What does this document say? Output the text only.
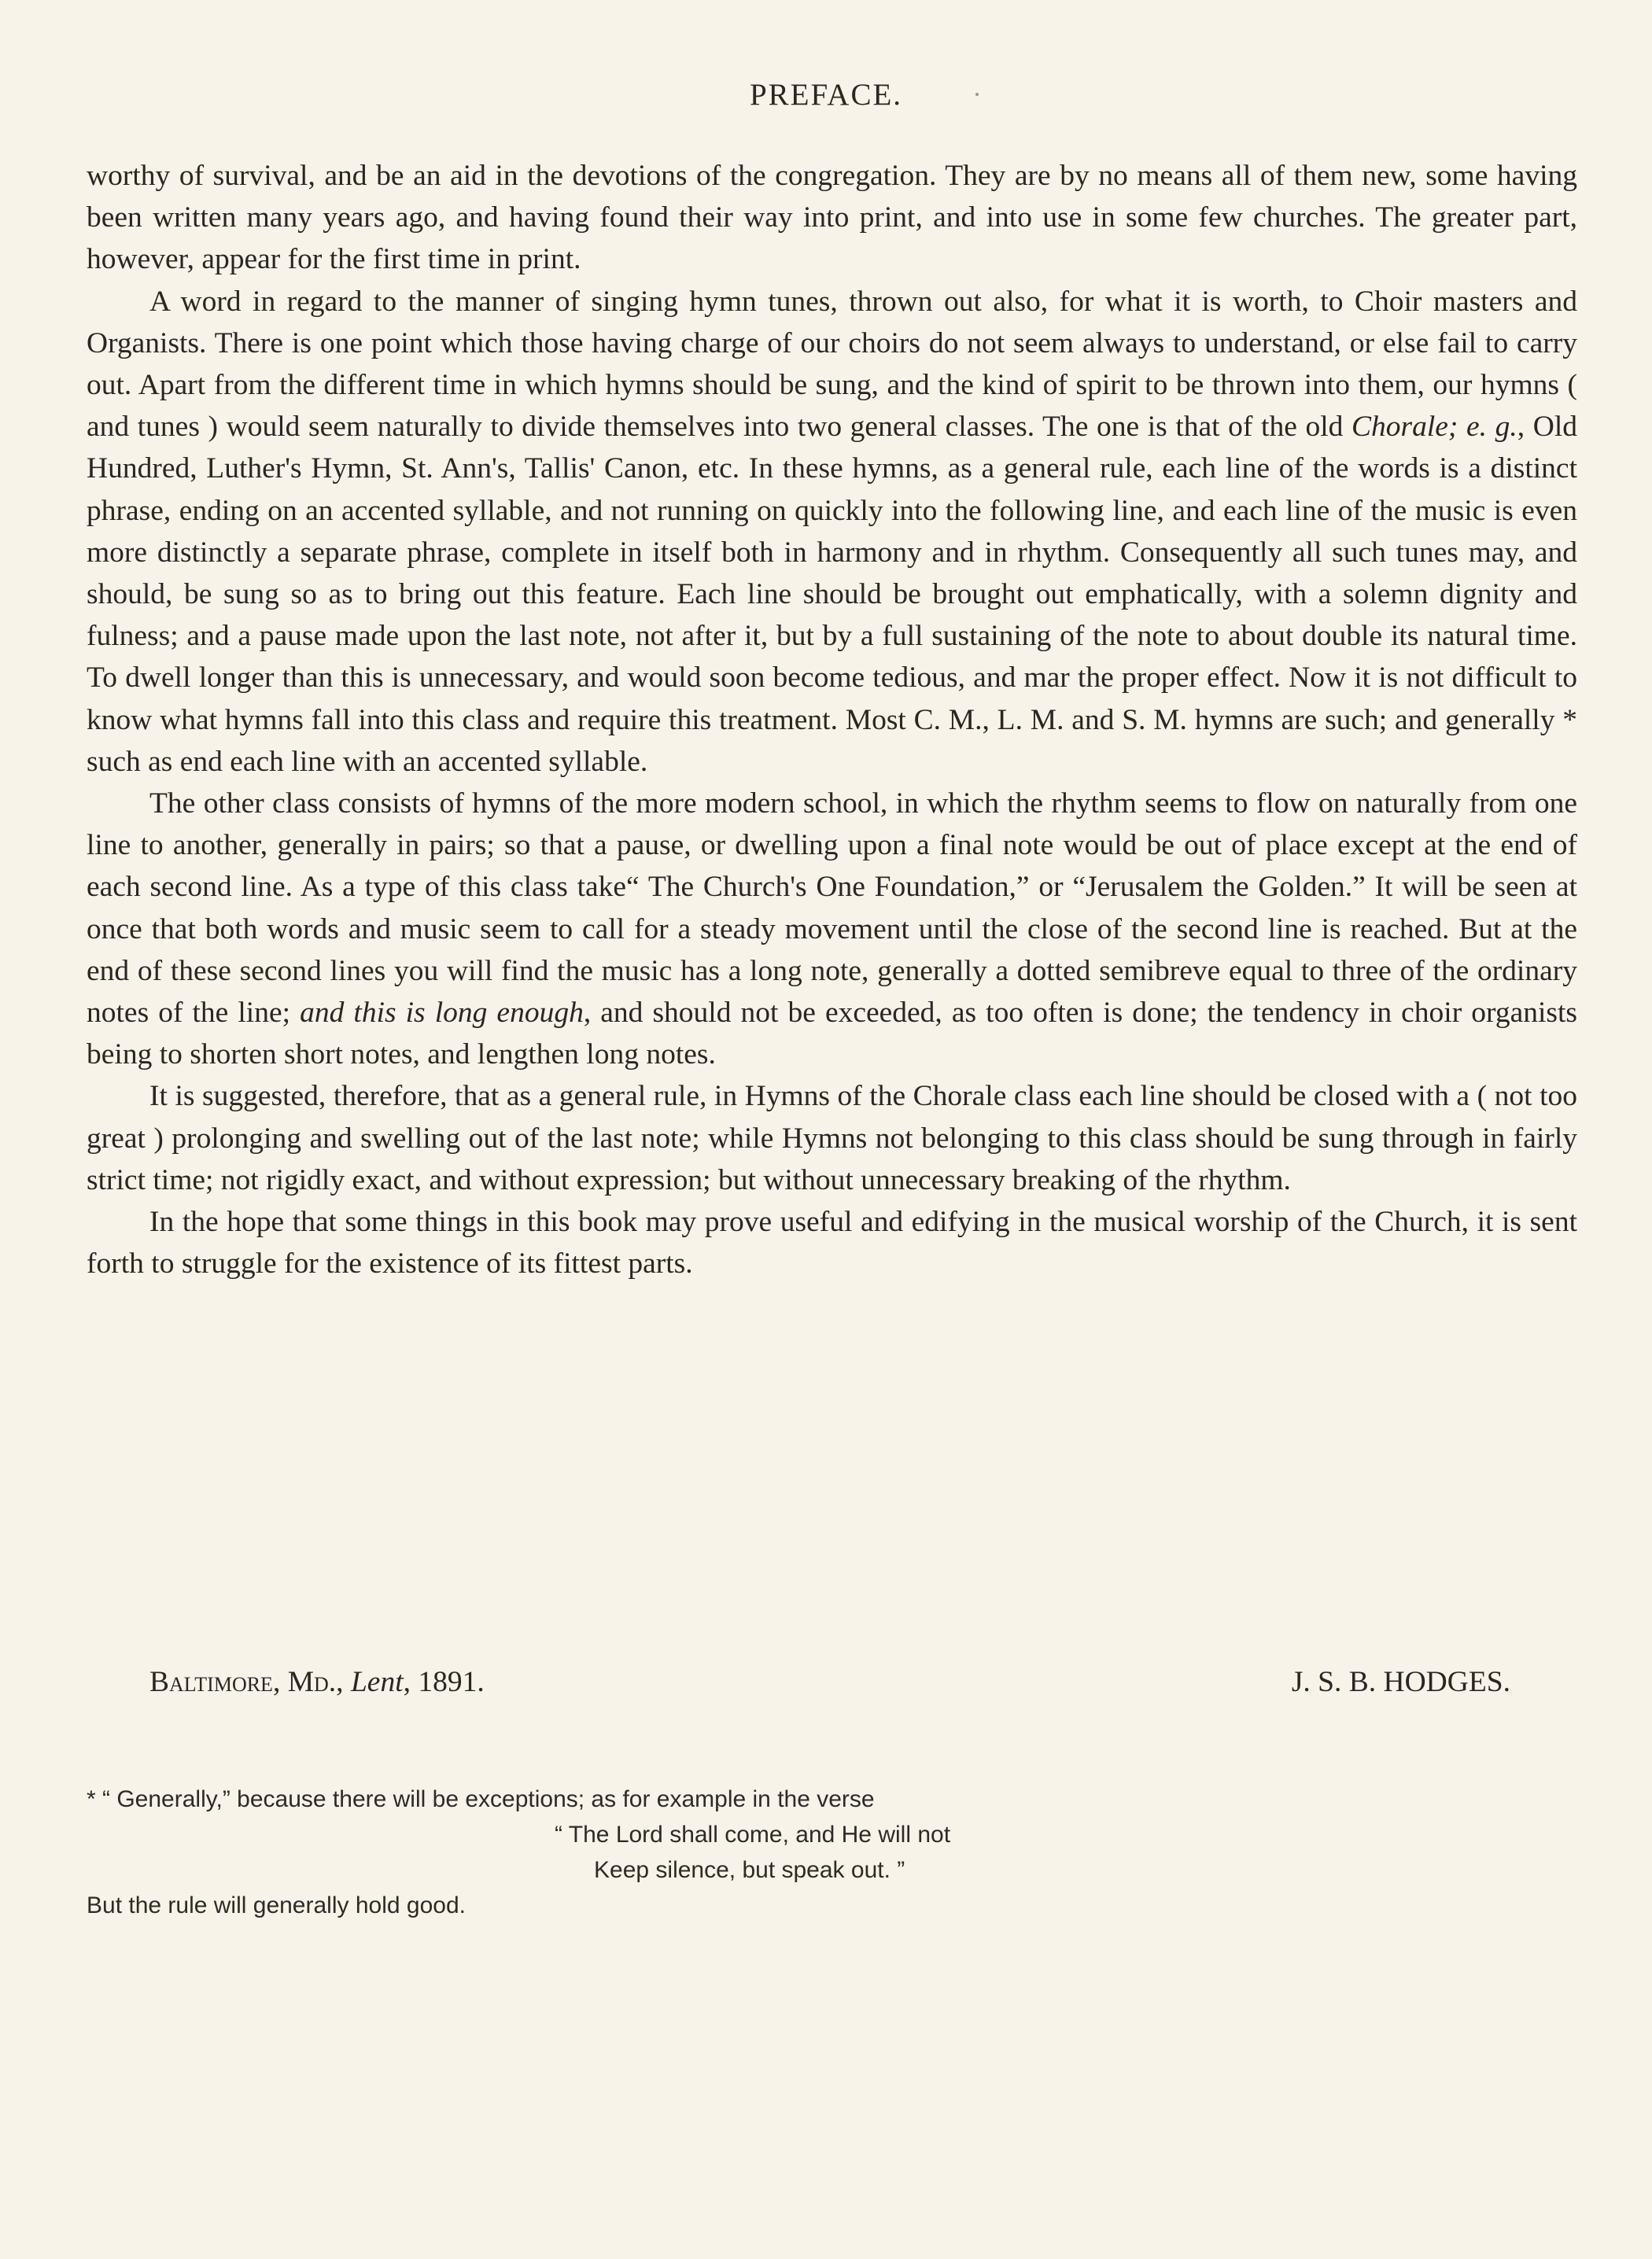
PREFACE.

worthy of survival, and be an aid in the devotions of the congregation. They are by no means all of them new, some having been written many years ago, and having found their way into print, and into use in some few churches. The greater part, however, appear for the first time in print.

A word in regard to the manner of singing hymn tunes, thrown out also, for what it is worth, to Choir masters and Organists. There is one point which those having charge of our choirs do not seem always to understand, or else fail to carry out. Apart from the different time in which hymns should be sung, and the kind of spirit to be thrown into them, our hymns ( and tunes ) would seem naturally to divide themselves into two general classes. The one is that of the old Chorale; e. g., Old Hundred, Luther's Hymn, St. Ann's, Tallis' Canon, etc. In these hymns, as a general rule, each line of the words is a distinct phrase, ending on an accented syllable, and not running on quickly into the following line, and each line of the music is even more distinctly a separate phrase, complete in itself both in harmony and in rhythm. Consequently all such tunes may, and should, be sung so as to bring out this feature. Each line should be brought out emphatically, with a solemn dignity and fulness; and a pause made upon the last note, not after it, but by a full sustaining of the note to about double its natural time. To dwell longer than this is unnecessary, and would soon become tedious, and mar the proper effect. Now it is not difficult to know what hymns fall into this class and require this treatment. Most C. M., L. M. and S. M. hymns are such; and generally * such as end each line with an accented syllable.

The other class consists of hymns of the more modern school, in which the rhythm seems to flow on naturally from one line to another, generally in pairs; so that a pause, or dwelling upon a final note would be out of place except at the end of each second line. As a type of this class take“ The Church's One Foundation,” or “Jerusalem the Golden.” It will be seen at once that both words and music seem to call for a steady movement until the close of the second line is reached. But at the end of these second lines you will find the music has a long note, generally a dotted semibreve equal to three of the ordinary notes of the line; and this is long enough, and should not be exceeded, as too often is done; the tendency in choir organists being to shorten short notes, and lengthen long notes.

It is suggested, therefore, that as a general rule, in Hymns of the Chorale class each line should be closed with a ( not too great ) prolonging and swelling out of the last note; while Hymns not belonging to this class should be sung through in fairly strict time; not rigidly exact, and without expression; but without unnecessary breaking of the rhythm.

In the hope that some things in this book may prove useful and edifying in the musical worship of the Church, it is sent forth to struggle for the existence of its fittest parts.

Baltimore, Md., Lent, 1891.	J. S. B. HODGES.
* “ Generally,” because there will be exceptions; as for example in the verse
“ The Lord shall come, and He will not
Keep silence, but speak out. ”
But the rule will generally hold good.
